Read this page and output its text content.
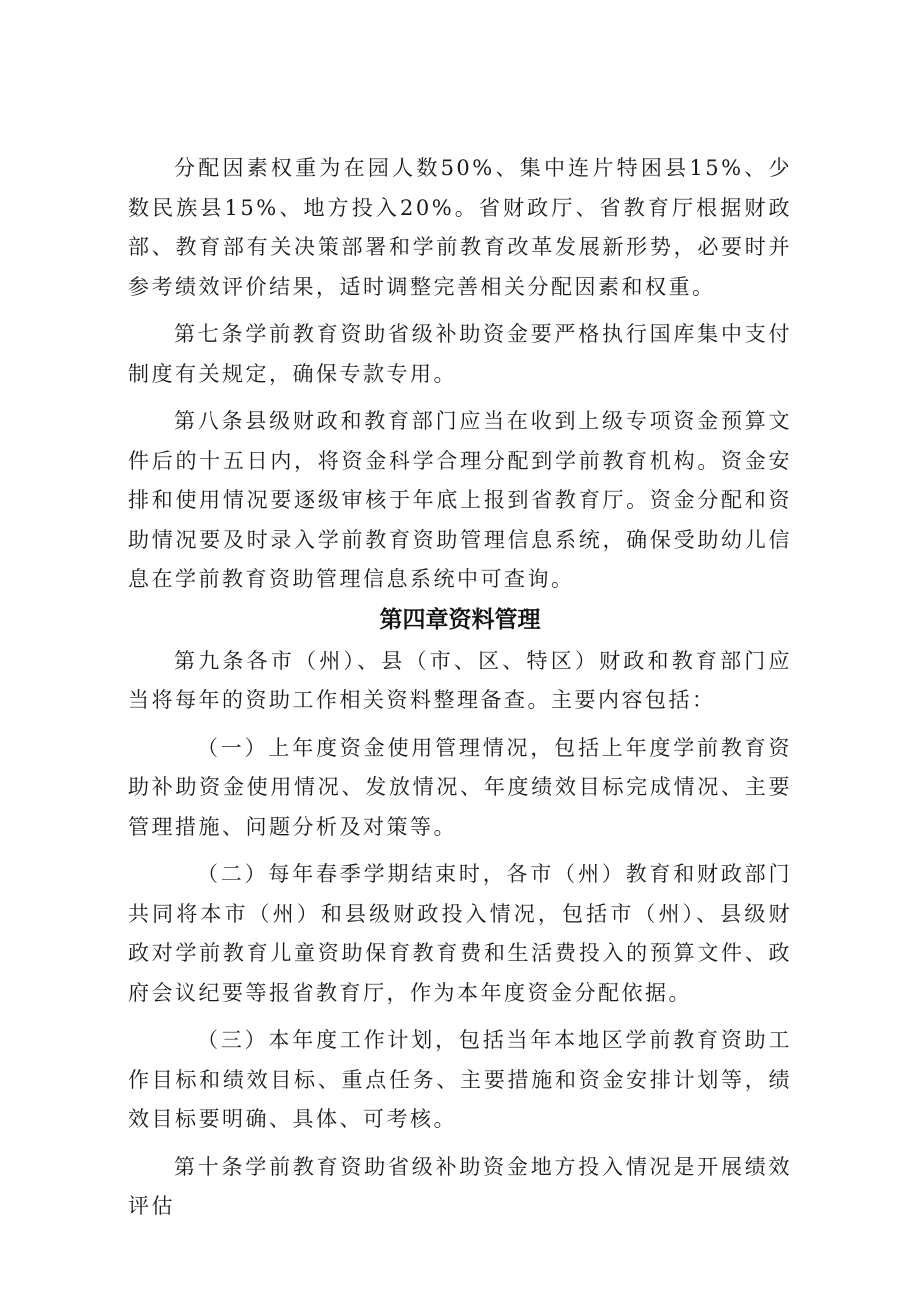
分配因素权重为在园人数50%、集中连片特困县15%、少数民族县15%、地方投入20%。省财政厅、省教育厅根据财政部、教育部有关决策部署和学前教育改革发展新形势，必要时并参考绩效评价结果，适时调整完善相关分配因素和权重。

第七条学前教育资助省级补助资金要严格执行国库集中支付制度有关规定，确保专款专用。

第八条县级财政和教育部门应当在收到上级专项资金预算文件后的十五日内，将资金科学合理分配到学前教育机构。资金安排和使用情况要逐级审核于年底上报到省教育厅。资金分配和资助情况要及时录入学前教育资助管理信息系统，确保受助幼儿信息在学前教育资助管理信息系统中可查询。

第四章资料管理

第九条各市（州）、县（市、区、特区）财政和教育部门应当将每年的资助工作相关资料整理备查。主要内容包括：

（一）上年度资金使用管理情况，包括上年度学前教育资助补助资金使用情况、发放情况、年度绩效目标完成情况、主要管理措施、问题分析及对策等。

（二）每年春季学期结束时，各市（州）教育和财政部门共同将本市（州）和县级财政投入情况，包括市（州）、县级财政对学前教育儿童资助保育教育费和生活费投入的预算文件、政府会议纪要等报省教育厅，作为本年度资金分配依据。

（三）本年度工作计划，包括当年本地区学前教育资助工作目标和绩效目标、重点任务、主要措施和资金安排计划等，绩效目标要明确、具体、可考核。

第十条学前教育资助省级补助资金地方投入情况是开展绩效评估
